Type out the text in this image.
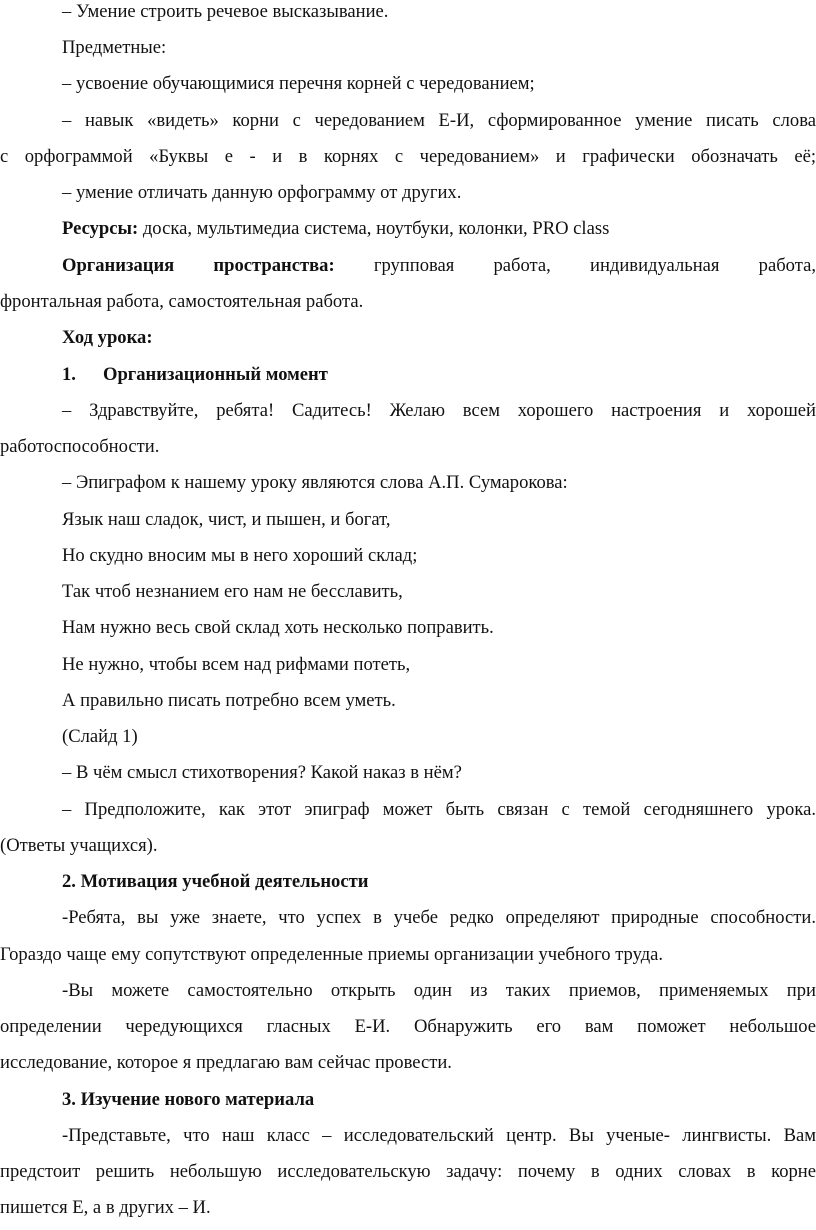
– Умение строить речевое высказывание.
Предметные:
– усвоение обучающимися перечня корней с чередованием;
– навык «видеть» корни с чередованием Е-И, сформированное умение писать слова
с орфограммой «Буквы е - и в корнях с чередованием» и графически обозначать её;
– умение отличать данную орфограмму от других.
Ресурсы: доска, мультимедиа система, ноутбуки, колонки, PRO class
Организация пространства: групповая работа, индивидуальная работа,
фронтальная работа, самостоятельная работа.
Ход урока:
1. Организационный момент
– Здравствуйте, ребята! Садитесь! Желаю всем хорошего настроения и хорошей
работоспособности.
– Эпиграфом к нашему уроку являются слова А.П. Сумарокова:
Язык наш сладок, чист, и пышен, и богат,
Но скудно вносим мы в него хороший склад;
Так чтоб незнанием его нам не бесславить,
Нам нужно весь свой склад хоть несколько поправить.
Не нужно, чтобы всем над рифмами потеть,
А правильно писать потребно всем уметь.
(Слайд 1)
– В чём смысл стихотворения? Какой наказ в нём?
– Предположите, как этот эпиграф может быть связан с темой сегодняшнего урока.
(Ответы учащихся).
2. Мотивация учебной деятельности
-Ребята, вы уже знаете, что успех в учебе редко определяют природные способности.
Гораздо чаще ему сопутствуют определенные приемы организации учебного труда.
-Вы можете самостоятельно открыть один из таких приемов, применяемых при
определении чередующихся гласных Е-И. Обнаружить его вам поможет небольшое
исследование, которое я предлагаю вам сейчас провести.
3. Изучение нового материала
-Представьте, что наш класс – исследовательский центр. Вы ученые- лингвисты. Вам
предстоит решить небольшую исследовательскую задачу: почему в одних словах в корне
пишется Е, а в других – И.
